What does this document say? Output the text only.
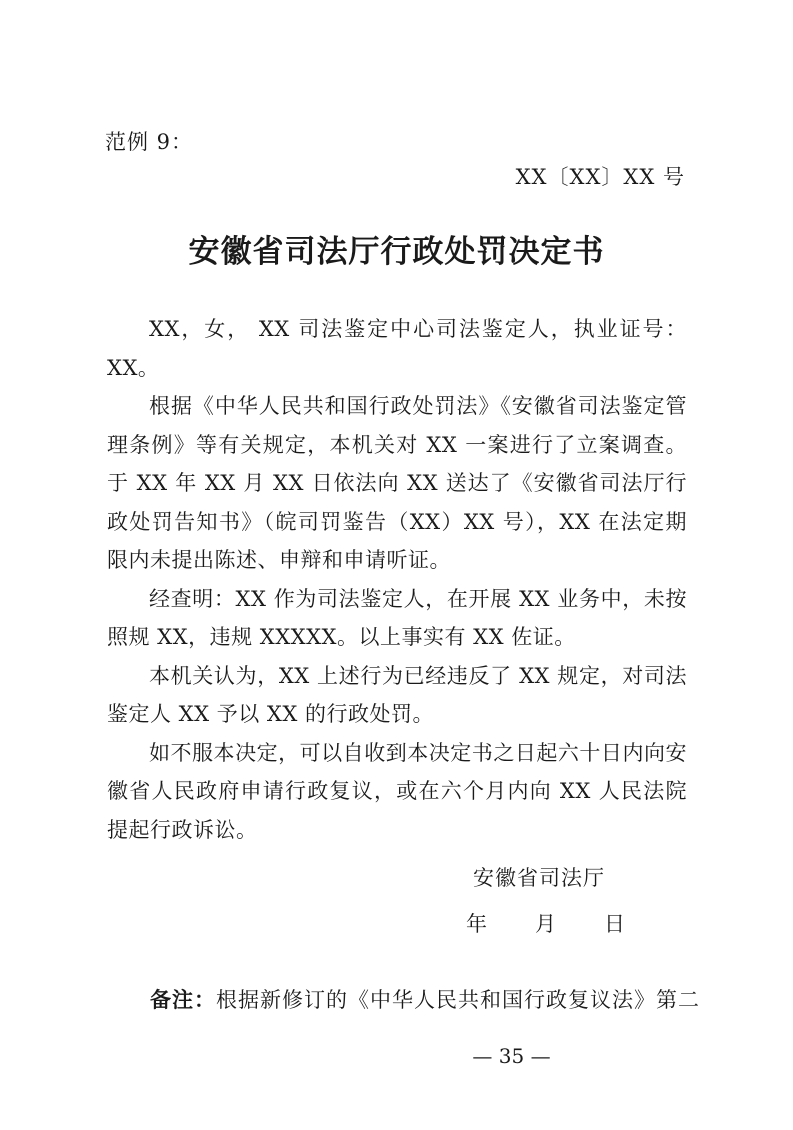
范例 9：
XX〔XX〕XX 号
安徽省司法厅行政处罚决定书

XX，女， XX 司法鉴定中心司法鉴定人，执业证号：XX。

根据《中华人民共和国行政处罚法》《安徽省司法鉴定管理条例》等有关规定，本机关对 XX 一案进行了立案调查。于 XX 年 XX 月 XX 日依法向 XX 送达了《安徽省司法厅行政处罚告知书》（皖司罚鉴告（XX）XX 号），XX 在法定期限内未提出陈述、申辩和申请听证。

经查明：XX 作为司法鉴定人，在开展 XX 业务中，未按照规 XX，违规 XXXXX。以上事实有 XX 佐证。

本机关认为，XX 上述行为已经违反了 XX 规定，对司法鉴定人 XX 予以 XX 的行政处罚。

如不服本决定，可以自收到本决定书之日起六十日内向安徽省人民政府申请行政复议，或在六个月内向 XX 人民法院提起行政诉讼。

安徽省司法厅
年 月 日
备注：根据新修订的《中华人民共和国行政复议法》第二
— 35 —
